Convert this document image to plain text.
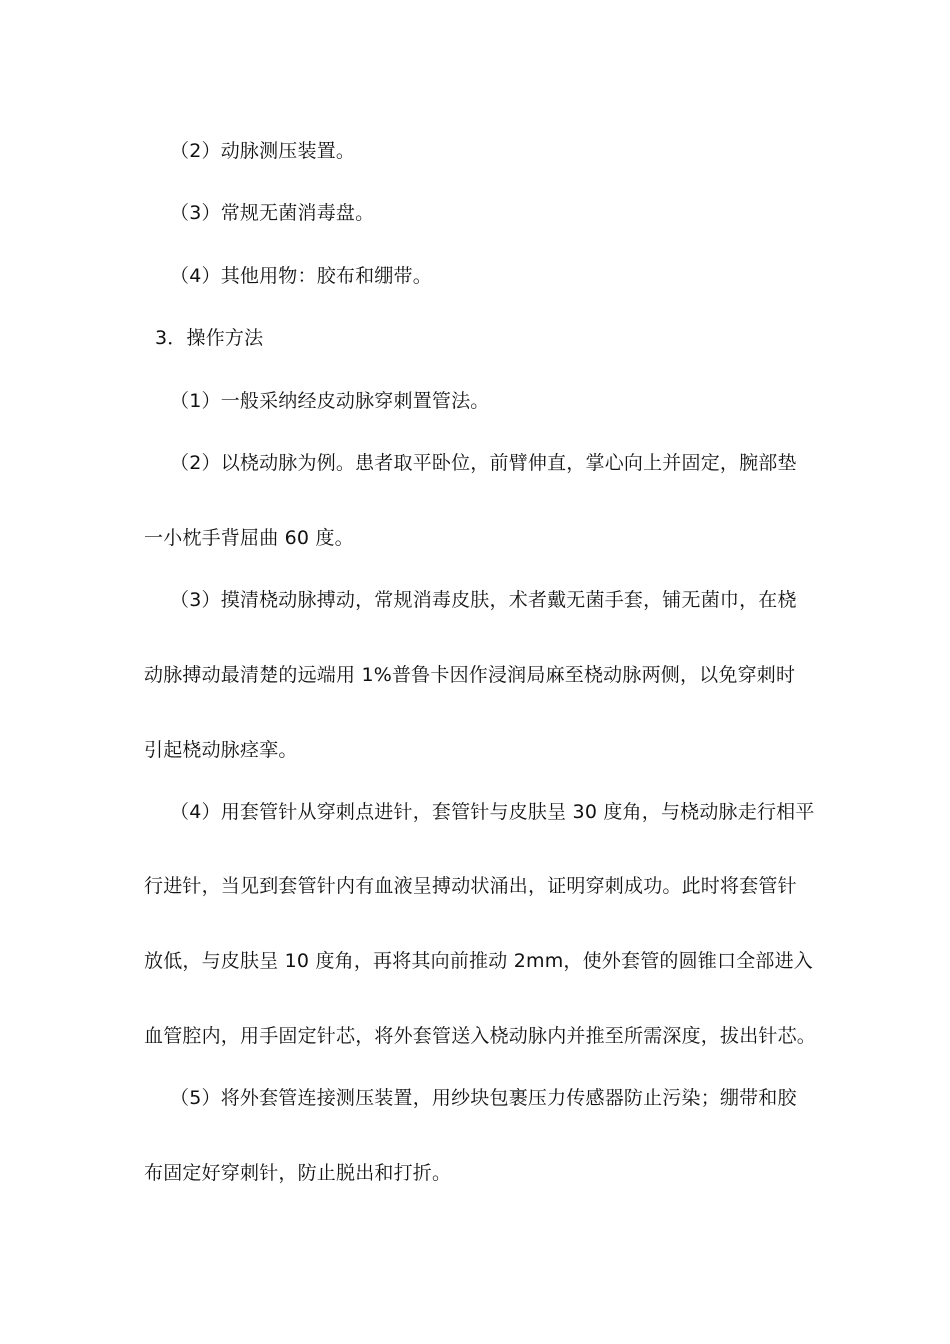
（2）动脉测压装置。
（3）常规无菌消毒盘。
（4）其他用物：胶布和绷带。
3．操作方法
（1）一般采纳经皮动脉穿刺置管法。
（2）以桡动脉为例。患者取平卧位，前臂伸直，掌心向上并固定，腕部垫
一小枕手背屈曲 60 度。
（3）摸清桡动脉搏动，常规消毒皮肤，术者戴无菌手套，铺无菌巾，在桡
动脉搏动最清楚的远端用 1%普鲁卡因作浸润局麻至桡动脉两侧，以免穿刺时
引起桡动脉痉挛。
（4）用套管针从穿刺点进针，套管针与皮肤呈 30 度角，与桡动脉走行相平
行进针，当见到套管针内有血液呈搏动状涌出，证明穿刺成功。此时将套管针
放低，与皮肤呈 10 度角，再将其向前推动 2mm，使外套管的圆锥口全部进入
血管腔内，用手固定针芯，将外套管送入桡动脉内并推至所需深度，拔出针芯。
（5）将外套管连接测压装置，用纱块包裹压力传感器防止污染；绷带和胶
布固定好穿刺针，防止脱出和打折。
